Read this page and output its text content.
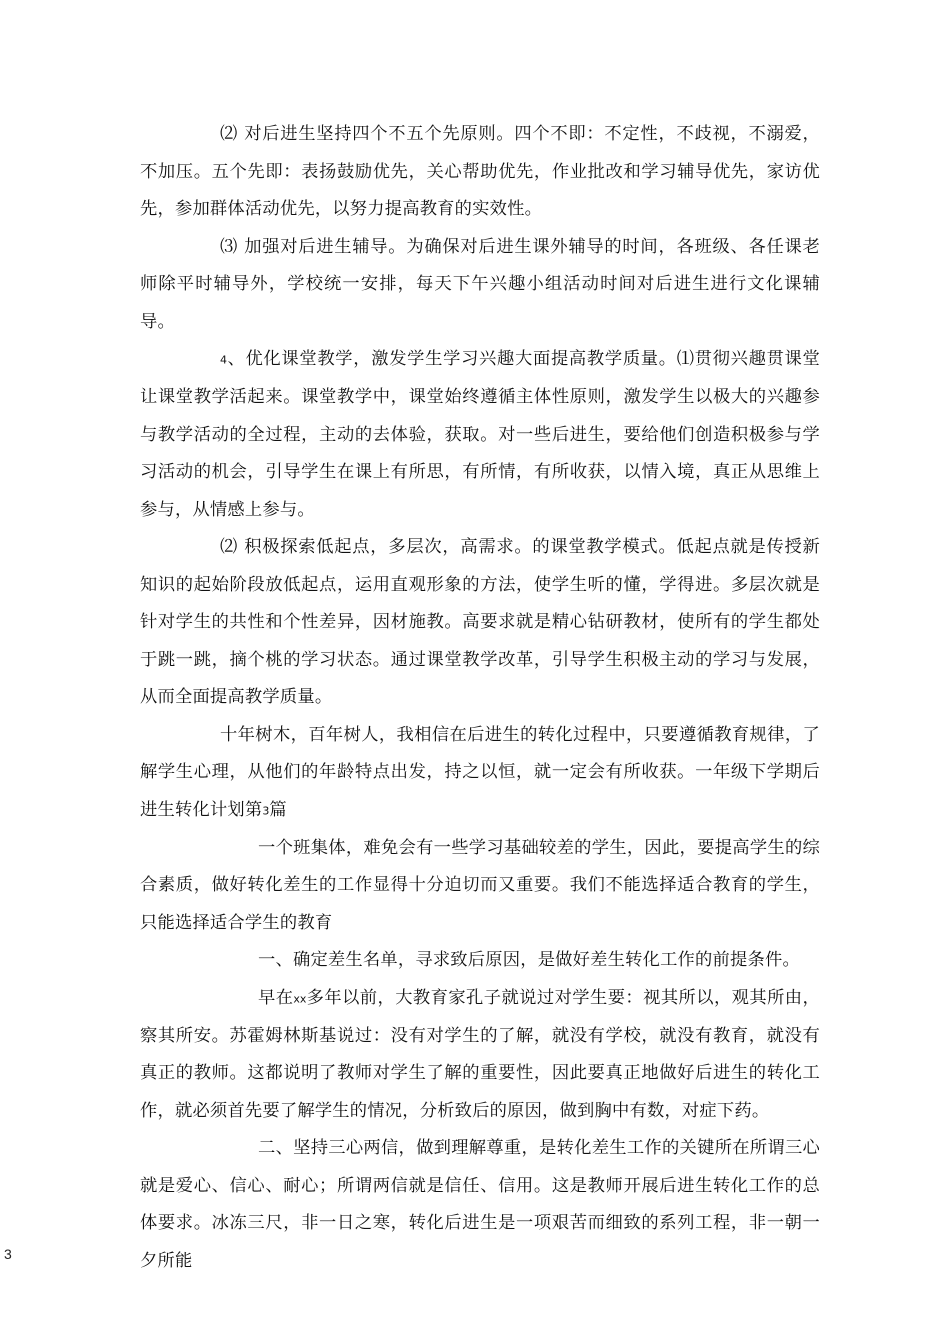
⑵ 对后进生坚持四个不五个先原则。四个不即：不定性，不歧视，不溺爱，不加压。五个先即：表扬鼓励优先，关心帮助优先，作业批改和学习辅导优先，家访优先，参加群体活动优先，以努力提高教育的实效性。

⑶ 加强对后进生辅导。为确保对后进生课外辅导的时间，各班级、各任课老师除平时辅导外，学校统一安排，每天下午兴趣小组活动时间对后进生进行文化课辅导。

4、优化课堂教学，激发学生学习兴趣大面提高教学质量。⑴贯彻兴趣贯课堂让课堂教学活起来。课堂教学中，课堂始终遵循主体性原则，激发学生以极大的兴趣参与教学活动的全过程，主动的去体验，获取。对一些后进生，要给他们创造积极参与学习活动的机会，引导学生在课上有所思，有所情，有所收获，以情入境，真正从思维上参与，从情感上参与。

⑵ 积极探索低起点，多层次，高需求。的课堂教学模式。低起点就是传授新知识的起始阶段放低起点，运用直观形象的方法，使学生听的懂，学得进。多层次就是针对学生的共性和个性差异，因材施教。高要求就是精心钻研教材，使所有的学生都处于跳一跳，摘个桃的学习状态。通过课堂教学改革，引导学生积极主动的学习与发展，从而全面提高教学质量。

十年树木，百年树人，我相信在后进生的转化过程中，只要遵循教育规律，了解学生心理，从他们的年龄特点出发，持之以恒，就一定会有所收获。一年级下学期后进生转化计划第3篇

一个班集体，难免会有一些学习基础较差的学生，因此，要提高学生的综合素质，做好转化差生的工作显得十分迫切而又重要。我们不能选择适合教育的学生，只能选择适合学生的教育

一、确定差生名单，寻求致后原因，是做好差生转化工作的前提条件。

早在xx多年以前，大教育家孔子就说过对学生要：视其所以，观其所由，察其所安。苏霍姆林斯基说过：没有对学生的了解，就没有学校，就没有教育，就没有真正的教师。这都说明了教师对学生了解的重要性，因此要真正地做好后进生的转化工作，就必须首先要了解学生的情况，分析致后的原因，做到胸中有数，对症下药。

二、坚持三心两信，做到理解尊重，是转化差生工作的关键所在所谓三心就是爱心、信心、耐心；所谓两信就是信任、信用。这是教师开展后进生转化工作的总体要求。冰冻三尺，非一日之寒，转化后进生是一项艰苦而细致的系列工程，非一朝一夕所能

3
